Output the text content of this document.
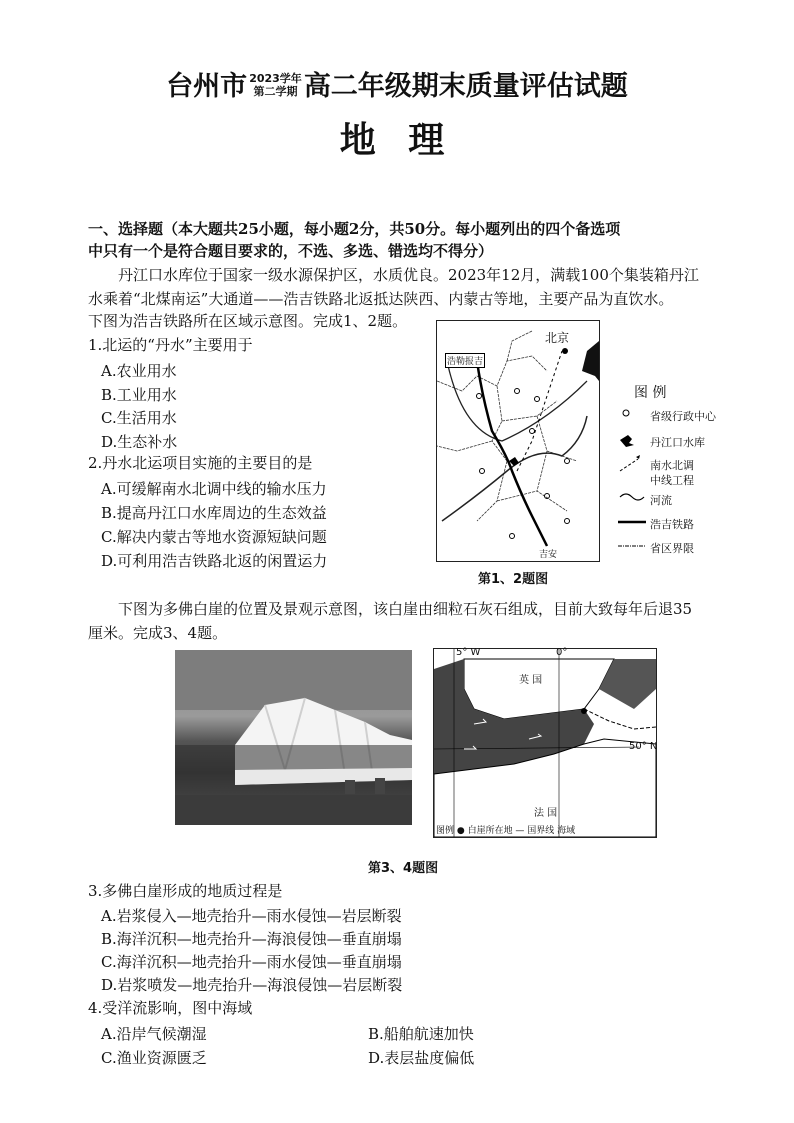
台州市 2023学年
第二学期 高二年级期末质量评估试题
地 理
一、选择题（本大题共25小题，每小题2分，共50分。每小题列出的四个备选项
中只有一个是符合题目要求的，不选、多选、错选均不得分）
丹江口水库位于国家一级水源保护区，水质优良。2023年12月，满载100个集装箱丹江
水乘着“北煤南运”大通道——浩吉铁路北返抵达陕西、内蒙古等地，主要产品为直饮水。
下图为浩吉铁路所在区域示意图。完成1、2题。
1.北运的“丹水”主要用于
A.农业用水
B.工业用水
C.生活用水
D.生态补水
2.丹水北运项目实施的主要目的是
A.可缓解南水北调中线的输水压力
B.提高丹江口水库周边的生态效益
C.解决内蒙古等地水资源短缺问题
D.可利用浩吉铁路北返的闲置运力
北京
浩勒报吉
吉安
图 例
省级行政中心
丹江口水库
南水北调
中线工程
河流
浩吉铁路
省区界限
第1、2题图
下图为多佛白崖的位置及景观示意图，该白崖由细粒石灰石组成，目前大致每年后退35
厘米。完成3、4题。
5° W	0°
50° N
英 国
法 国
图例 ● 白崖所在地 — 国界线 海域
第3、4题图
3.多佛白崖形成的地质过程是
A.岩浆侵入—地壳抬升—雨水侵蚀—岩层断裂
B.海洋沉积—地壳抬升—海浪侵蚀—垂直崩塌
C.海洋沉积—地壳抬升—雨水侵蚀—垂直崩塌
D.岩浆喷发—地壳抬升—海浪侵蚀—岩层断裂
4.受洋流影响，图中海域
A.沿岸气候潮湿	B.船舶航速加快
C.渔业资源匮乏	D.表层盐度偏低
